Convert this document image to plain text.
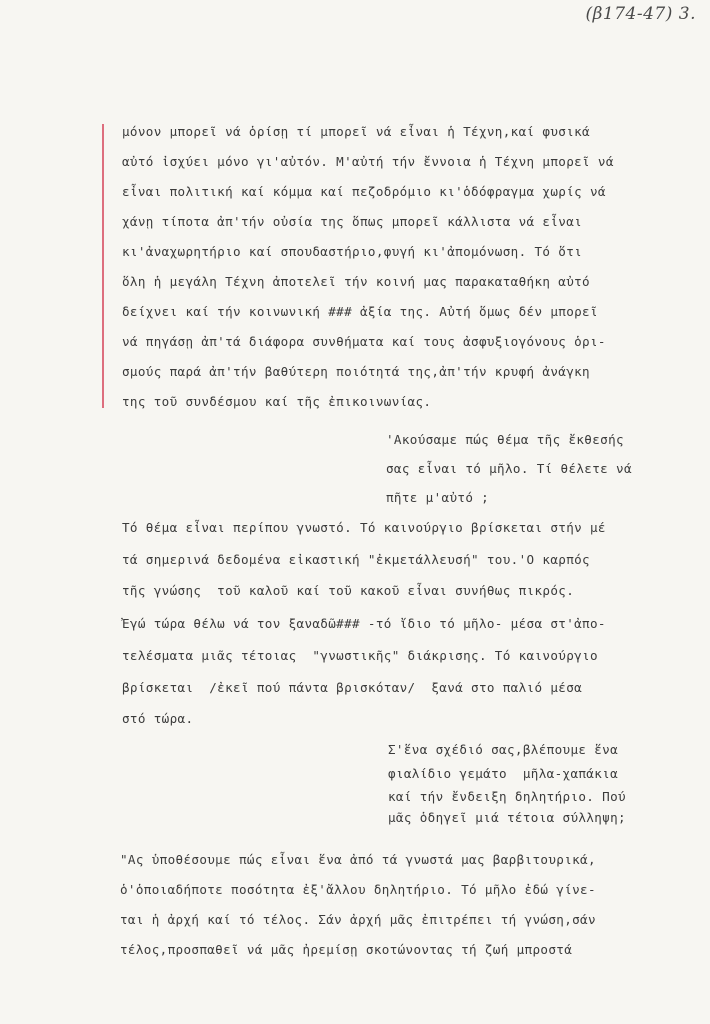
(β174-47) 3.
μόνον μπορεῖ νά ὁρίσῃ τί μπορεῖ νά εἶναι ἡ Τέχνη,καί φυσικά
αὐτό ἰσχύει μόνο γι'αὐτόν. Μ'αὐτή τήν ἔννοια ἡ Τέχνη μπορεῖ νά
εἶναι πολιτική καί κόμμα καί πεζοδρόμιο κι'ὁδόφραγμα χωρίς νά
χάνῃ τίποτα ἀπ'τήν οὐσία της ὅπως μπορεῖ κάλλιστα νά εἶναι
κι'ἀναχωρητήριο καί σπουδαστήριο,φυγή κι'ἀπομόνωση. Τό ὅτι
ὅλη ἡ μεγάλη Τέχνη ἀποτελεῖ τήν κοινή μας παρακαταθήκη αὐτό
δείχνει καί τήν κοινωνική ### ἀξία της. Αὐτή ὅμως δέν μπορεῖ
νά πηγάσῃ ἀπ'τά διάφορα συνθήματα καί τους ἀσφυξιογόνους ὁρι-
σμούς παρά ἀπ'τήν βαθύτερη ποιότητά της,ἀπ'τήν κρυφή ἀνάγκη
της τοῦ συνδέσμου καί τῆς ἐπικοινωνίας.
'Ακούσαμε πώς θέμα τῆς ἔκθεσής
σας εἶναι τό μῆλο. Τί θέλετε νά
πῆτε μ'αὐτό ;
Τό θέμα εἶναι περίπου γνωστό. Τό καινούργιο βρίσκεται στήν μέ
τά σημερινά δεδομένα εἰκαστική "ἐκμετάλλευσή" του.'Ο καρπός
τῆς γνώσης  τοῦ καλοῦ καί τοῦ κακοῦ εἶναι συνήθως πικρός.
Ἐγώ τώρα θέλω νά τον ξαναδῶ### -τό ἴδιο τό μῆλο- μέσα στ'ἀπο-
τελέσματα μιᾶς τέτοιας  "γνωστικῆς" διάκρισης. Τό καινούργιο
βρίσκεται  /ἐκεῖ πού πάντα βρισκόταν/  ξανά στο παλιό μέσα
στό τώρα.
Σ'ἕνα σχέδιό σας,βλέπουμε ἕνα
φιαλίδιο γεμάτο  μῆλα-χαπάκια
καί τήν ἔνδειξη δηλητήριο. Πού
μᾶς ὁδηγεῖ μιά τέτοια σύλληψη;
"Ας ὑποθέσουμε πώς εἶναι ἕνα ἀπό τά γνωστά μας βαρβιτουρικά,
ὁ'ὁποιαδήποτε ποσότητα ἐξ'ἄλλου δηλητήριο. Τό μῆλο ἐδώ γίνε-
ται ἡ ἀρχή καί τό τέλος. Σάν ἀρχή μᾶς ἐπιτρέπει τή γνώση,σάν
τέλος,προσπαθεῖ νά μᾶς ἠρεμίσῃ σκοτώνοντας τή ζωή μπροστά
